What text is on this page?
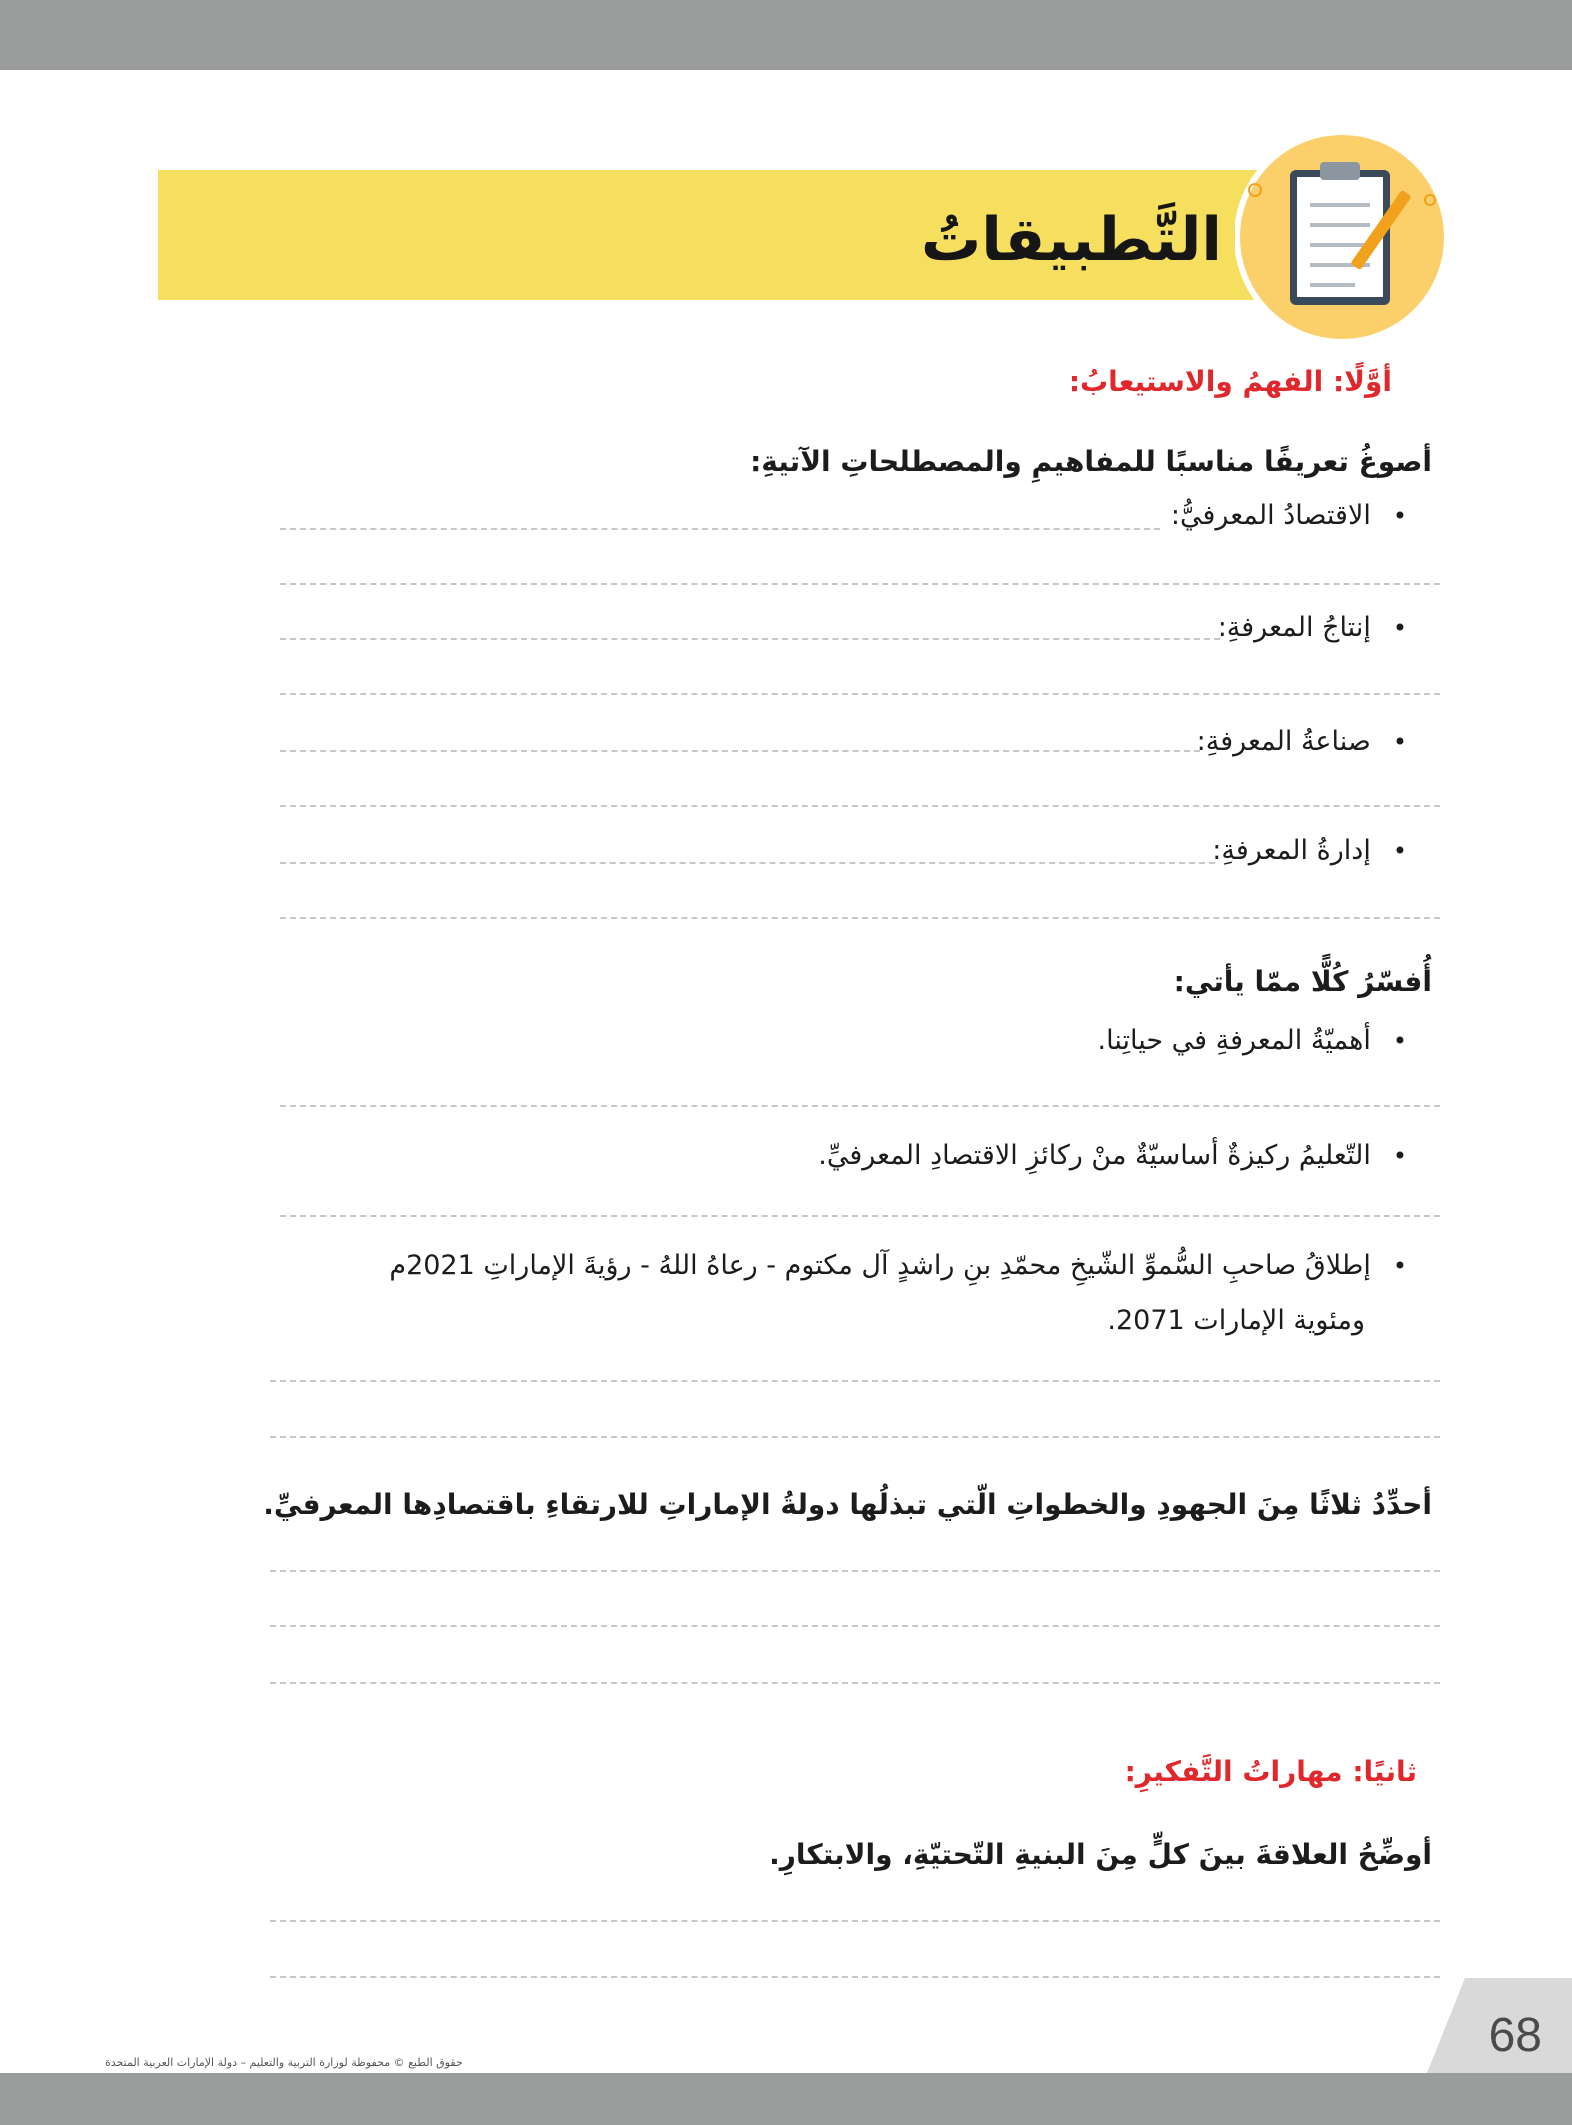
التَّطبيقاتُ
أوَّلًا: الفهمُ والاستيعابُ:
أصوغُ تعريفًا مناسبًا للمفاهيمِ والمصطلحاتِ الآتيةِ:
• الاقتصادُ المعرفيُّ:
• إنتاجُ المعرفةِ:
• صناعةُ المعرفةِ:
• إدارةُ المعرفةِ:
أُفسّرُ كُلًّا ممّا يأتي:
• أهميّةُ المعرفةِ في حياتِنا.
• التّعليمُ ركيزةٌ أساسيّةٌ منْ ركائزِ الاقتصادِ المعرفيِّ.
• إطلاقُ صاحبِ السُّموِّ الشّيخِ محمّدِ بنِ راشدٍ آل مكتوم - رعاهُ اللهُ - رؤيةَ الإماراتِ 2021م
ومئوية الإمارات 2071.
أحدِّدُ ثلاثًا مِنَ الجهودِ والخطواتِ الّتي تبذلُها دولةُ الإماراتِ للارتقاءِ باقتصادِها المعرفيِّ.
ثانيًا: مهاراتُ التَّفكيرِ:
أوضِّحُ العلاقةَ بينَ كلٍّ مِنَ البنيةِ التّحتيّةِ، والابتكارِ.
68
حقوق الطبع © محفوظة لوزارة التربية والتعليم – دولة الإمارات العربية المتحدة
